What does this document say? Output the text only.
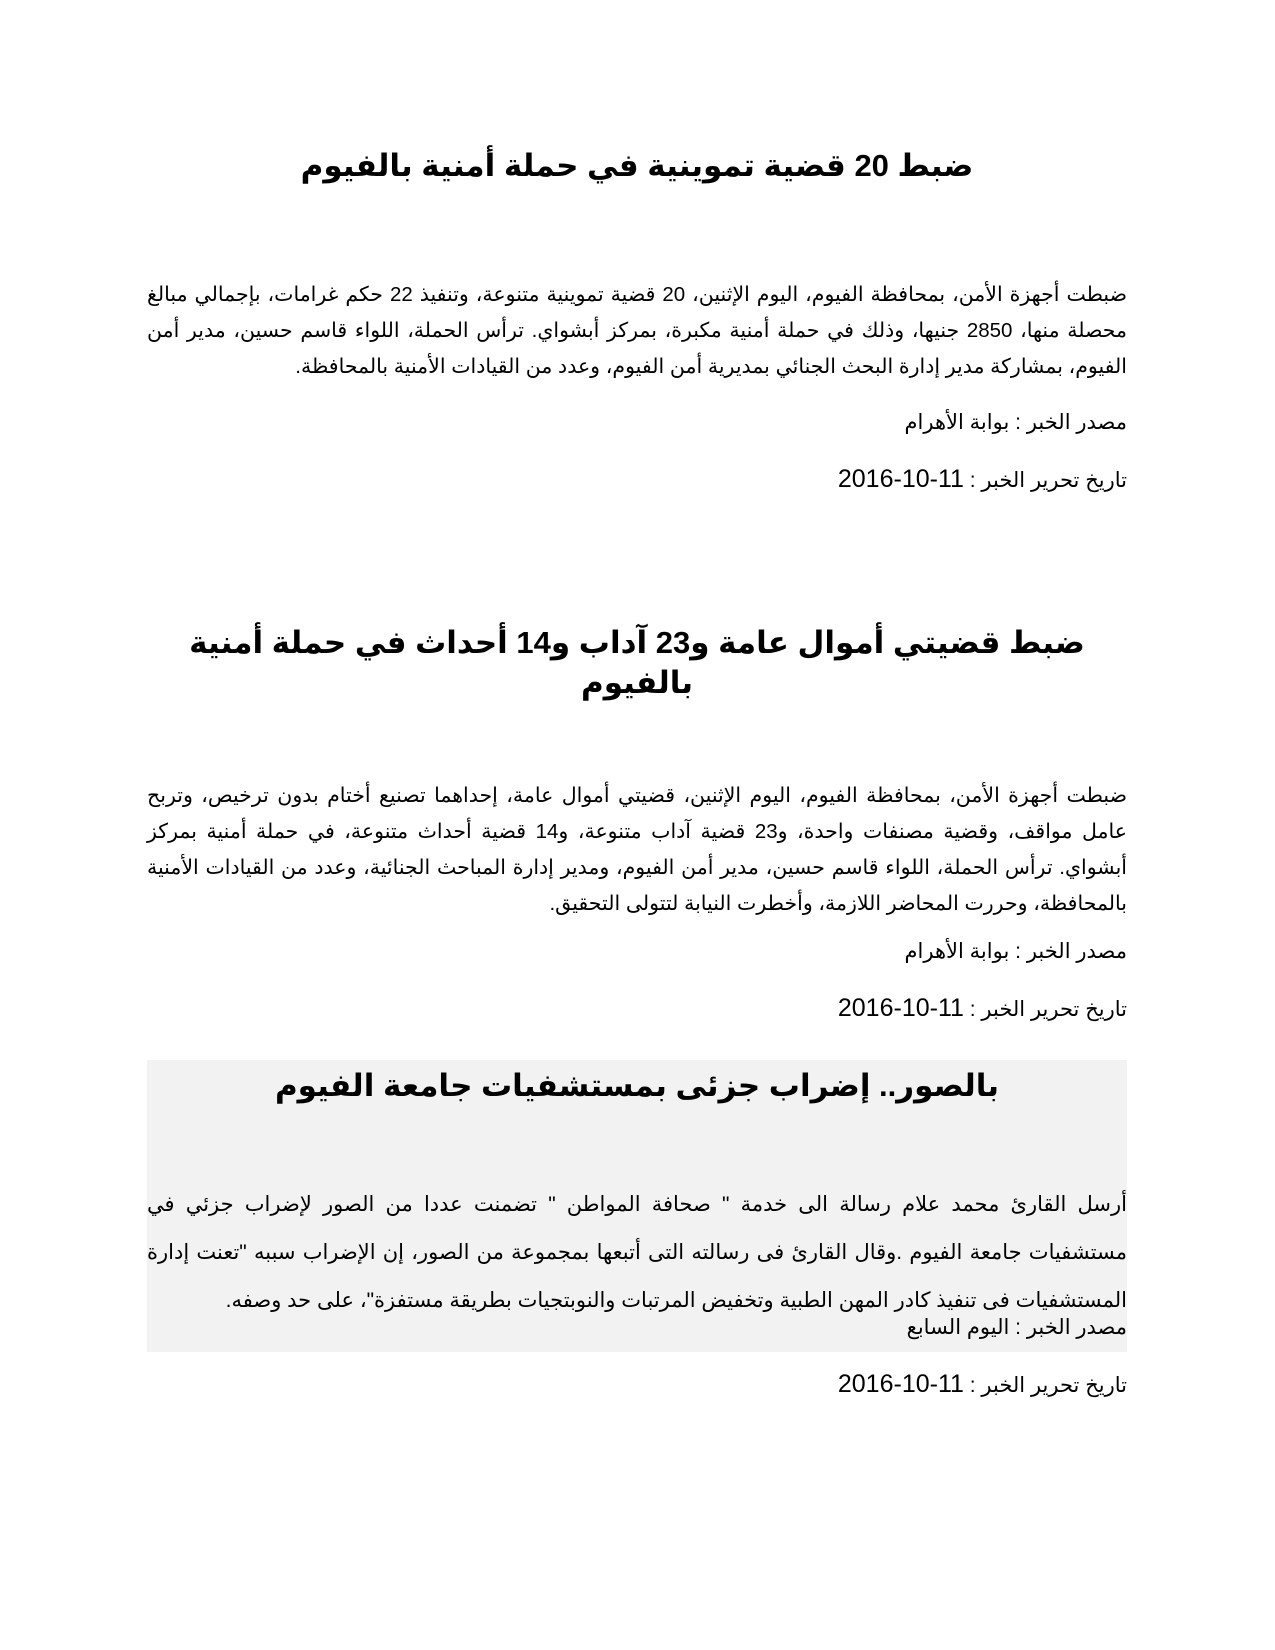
ضبط 20 قضية تموينية في حملة أمنية بالفيوم

ضبطت أجهزة الأمن، بمحافظة الفيوم، اليوم الإثنين، 20 قضية تموينية متنوعة، وتنفيذ 22 حكم غرامات، بإجمالي مبالغ محصلة منها، 2850 جنيها، وذلك في حملة أمنية مكبرة، بمركز أبشواي. ترأس الحملة، اللواء قاسم حسين، مدير أمن الفيوم، بمشاركة مدير إدارة البحث الجنائي بمديرية أمن الفيوم، وعدد من القيادات الأمنية بالمحافظة.

مصدر الخبر : بوابة الأهرام

تاريخ تحرير الخبر : 2016-10-11

ضبط قضيتي أموال عامة و23 آداب و14 أحداث في حملة أمنية بالفيوم

ضبطت أجهزة الأمن، بمحافظة الفيوم، اليوم الإثنين، قضيتي أموال عامة، إحداهما تصنيع أختام بدون ترخيص، وتربح عامل مواقف، وقضية مصنفات واحدة، و23 قضية آداب متنوعة، و14 قضية أحداث متنوعة، في حملة أمنية بمركز أبشواي. ترأس الحملة، اللواء قاسم حسين، مدير أمن الفيوم، ومدير إدارة المباحث الجنائية، وعدد من القيادات الأمنية بالمحافظة، وحررت المحاضر اللازمة، وأخطرت النيابة لتتولى التحقيق.

مصدر الخبر : بوابة الأهرام

تاريخ تحرير الخبر : 2016-10-11

بالصور.. إضراب جزئى بمستشفيات جامعة الفيوم

أرسل القارئ محمد علام رسالة الى خدمة " صحافة المواطن " تضمنت عددا من الصور لإضراب جزئي في مستشفيات جامعة الفيوم .وقال القارئ فى رسالته التى أتبعها بمجموعة من الصور، إن الإضراب سببه "تعنت إدارة المستشفيات فى تنفيذ كادر المهن الطبية وتخفيض المرتبات والنوبتجيات بطريقة مستفزة"، على حد وصفه.

مصدر الخبر : اليوم السابع

تاريخ تحرير الخبر : 2016-10-11
